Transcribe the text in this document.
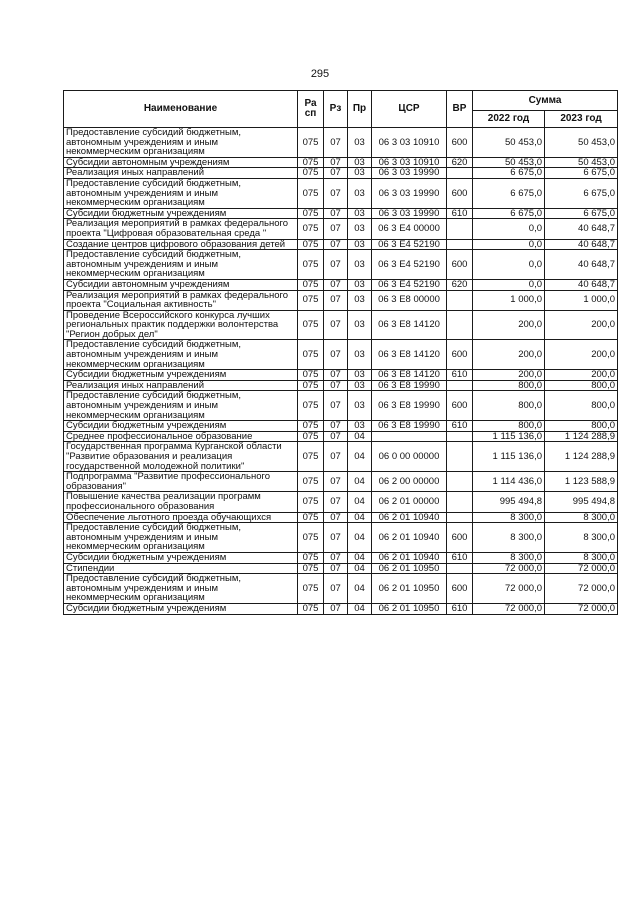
295
Наименование	Ра сп	Рз	Пр	ЦСР	ВР	Сумма	
						2022 год	2023 год
Предоставление субсидий бюджетным, автономным учреждениям и иным некоммерческим организациям	075	07	03	06 3 03 10910	600	50 453,0	50 453,0
Субсидии автономным учреждениям	075	07	03	06 3 03 10910	620	50 453,0	50 453,0
Реализация иных направлений	075	07	03	06 3 03 19990		6 675,0	6 675,0
Предоставление субсидий бюджетным, автономным учреждениям и иным некоммерческим организациям	075	07	03	06 3 03 19990	600	6 675,0	6 675,0
Субсидии бюджетным учреждениям	075	07	03	06 3 03 19990	610	6 675,0	6 675,0
Реализация мероприятий в рамках федерального проекта "Цифровая образовательная среда "	075	07	03	06 3 E4 00000		0,0	40 648,7
Создание центров цифрового образования детей	075	07	03	06 3 E4 52190		0,0	40 648,7
Предоставление субсидий бюджетным, автономным учреждениям и иным некоммерческим организациям	075	07	03	06 3 E4 52190	600	0,0	40 648,7
Субсидии автономным учреждениям	075	07	03	06 3 E4 52190	620	0,0	40 648,7
Реализация мероприятий в рамках федерального проекта "Социальная активность"	075	07	03	06 3 E8 00000		1 000,0	1 000,0
Проведение Всероссийского конкурса лучших региональных практик поддержки волонтерства "Регион добрых дел"	075	07	03	06 3 E8 14120		200,0	200,0
Предоставление субсидий бюджетным, автономным учреждениям и иным некоммерческим организациям	075	07	03	06 3 E8 14120	600	200,0	200,0
Субсидии бюджетным учреждениям	075	07	03	06 3 E8 14120	610	200,0	200,0
Реализация иных направлений	075	07	03	06 3 E8 19990		800,0	800,0
Предоставление субсидий бюджетным, автономным учреждениям и иным некоммерческим организациям	075	07	03	06 3 E8 19990	600	800,0	800,0
Субсидии бюджетным учреждениям	075	07	03	06 3 E8 19990	610	800,0	800,0
Среднее профессиональное образование	075	07	04			1 115 136,0	1 124 288,9
Государственная программа Курганской области "Развитие образования и реализация государственной молодежной политики"	075	07	04	06 0 00 00000		1 115 136,0	1 124 288,9
Подпрограмма "Развитие профессионального образования"	075	07	04	06 2 00 00000		1 114 436,0	1 123 588,9
Повышение качества реализации программ профессионального образования	075	07	04	06 2 01 00000		995 494,8	995 494,8
Обеспечение льготного проезда обучающихся	075	07	04	06 2 01 10940		8 300,0	8 300,0
Предоставление субсидий бюджетным, автономным учреждениям и иным некоммерческим организациям	075	07	04	06 2 01 10940	600	8 300,0	8 300,0
Субсидии бюджетным учреждениям	075	07	04	06 2 01 10940	610	8 300,0	8 300,0
Стипендии	075	07	04	06 2 01 10950		72 000,0	72 000,0
Предоставление субсидий бюджетным, автономным учреждениям и иным некоммерческим организациям	075	07	04	06 2 01 10950	600	72 000,0	72 000,0
Субсидии бюджетным учреждениям	075	07	04	06 2 01 10950	610	72 000,0	72 000,0
